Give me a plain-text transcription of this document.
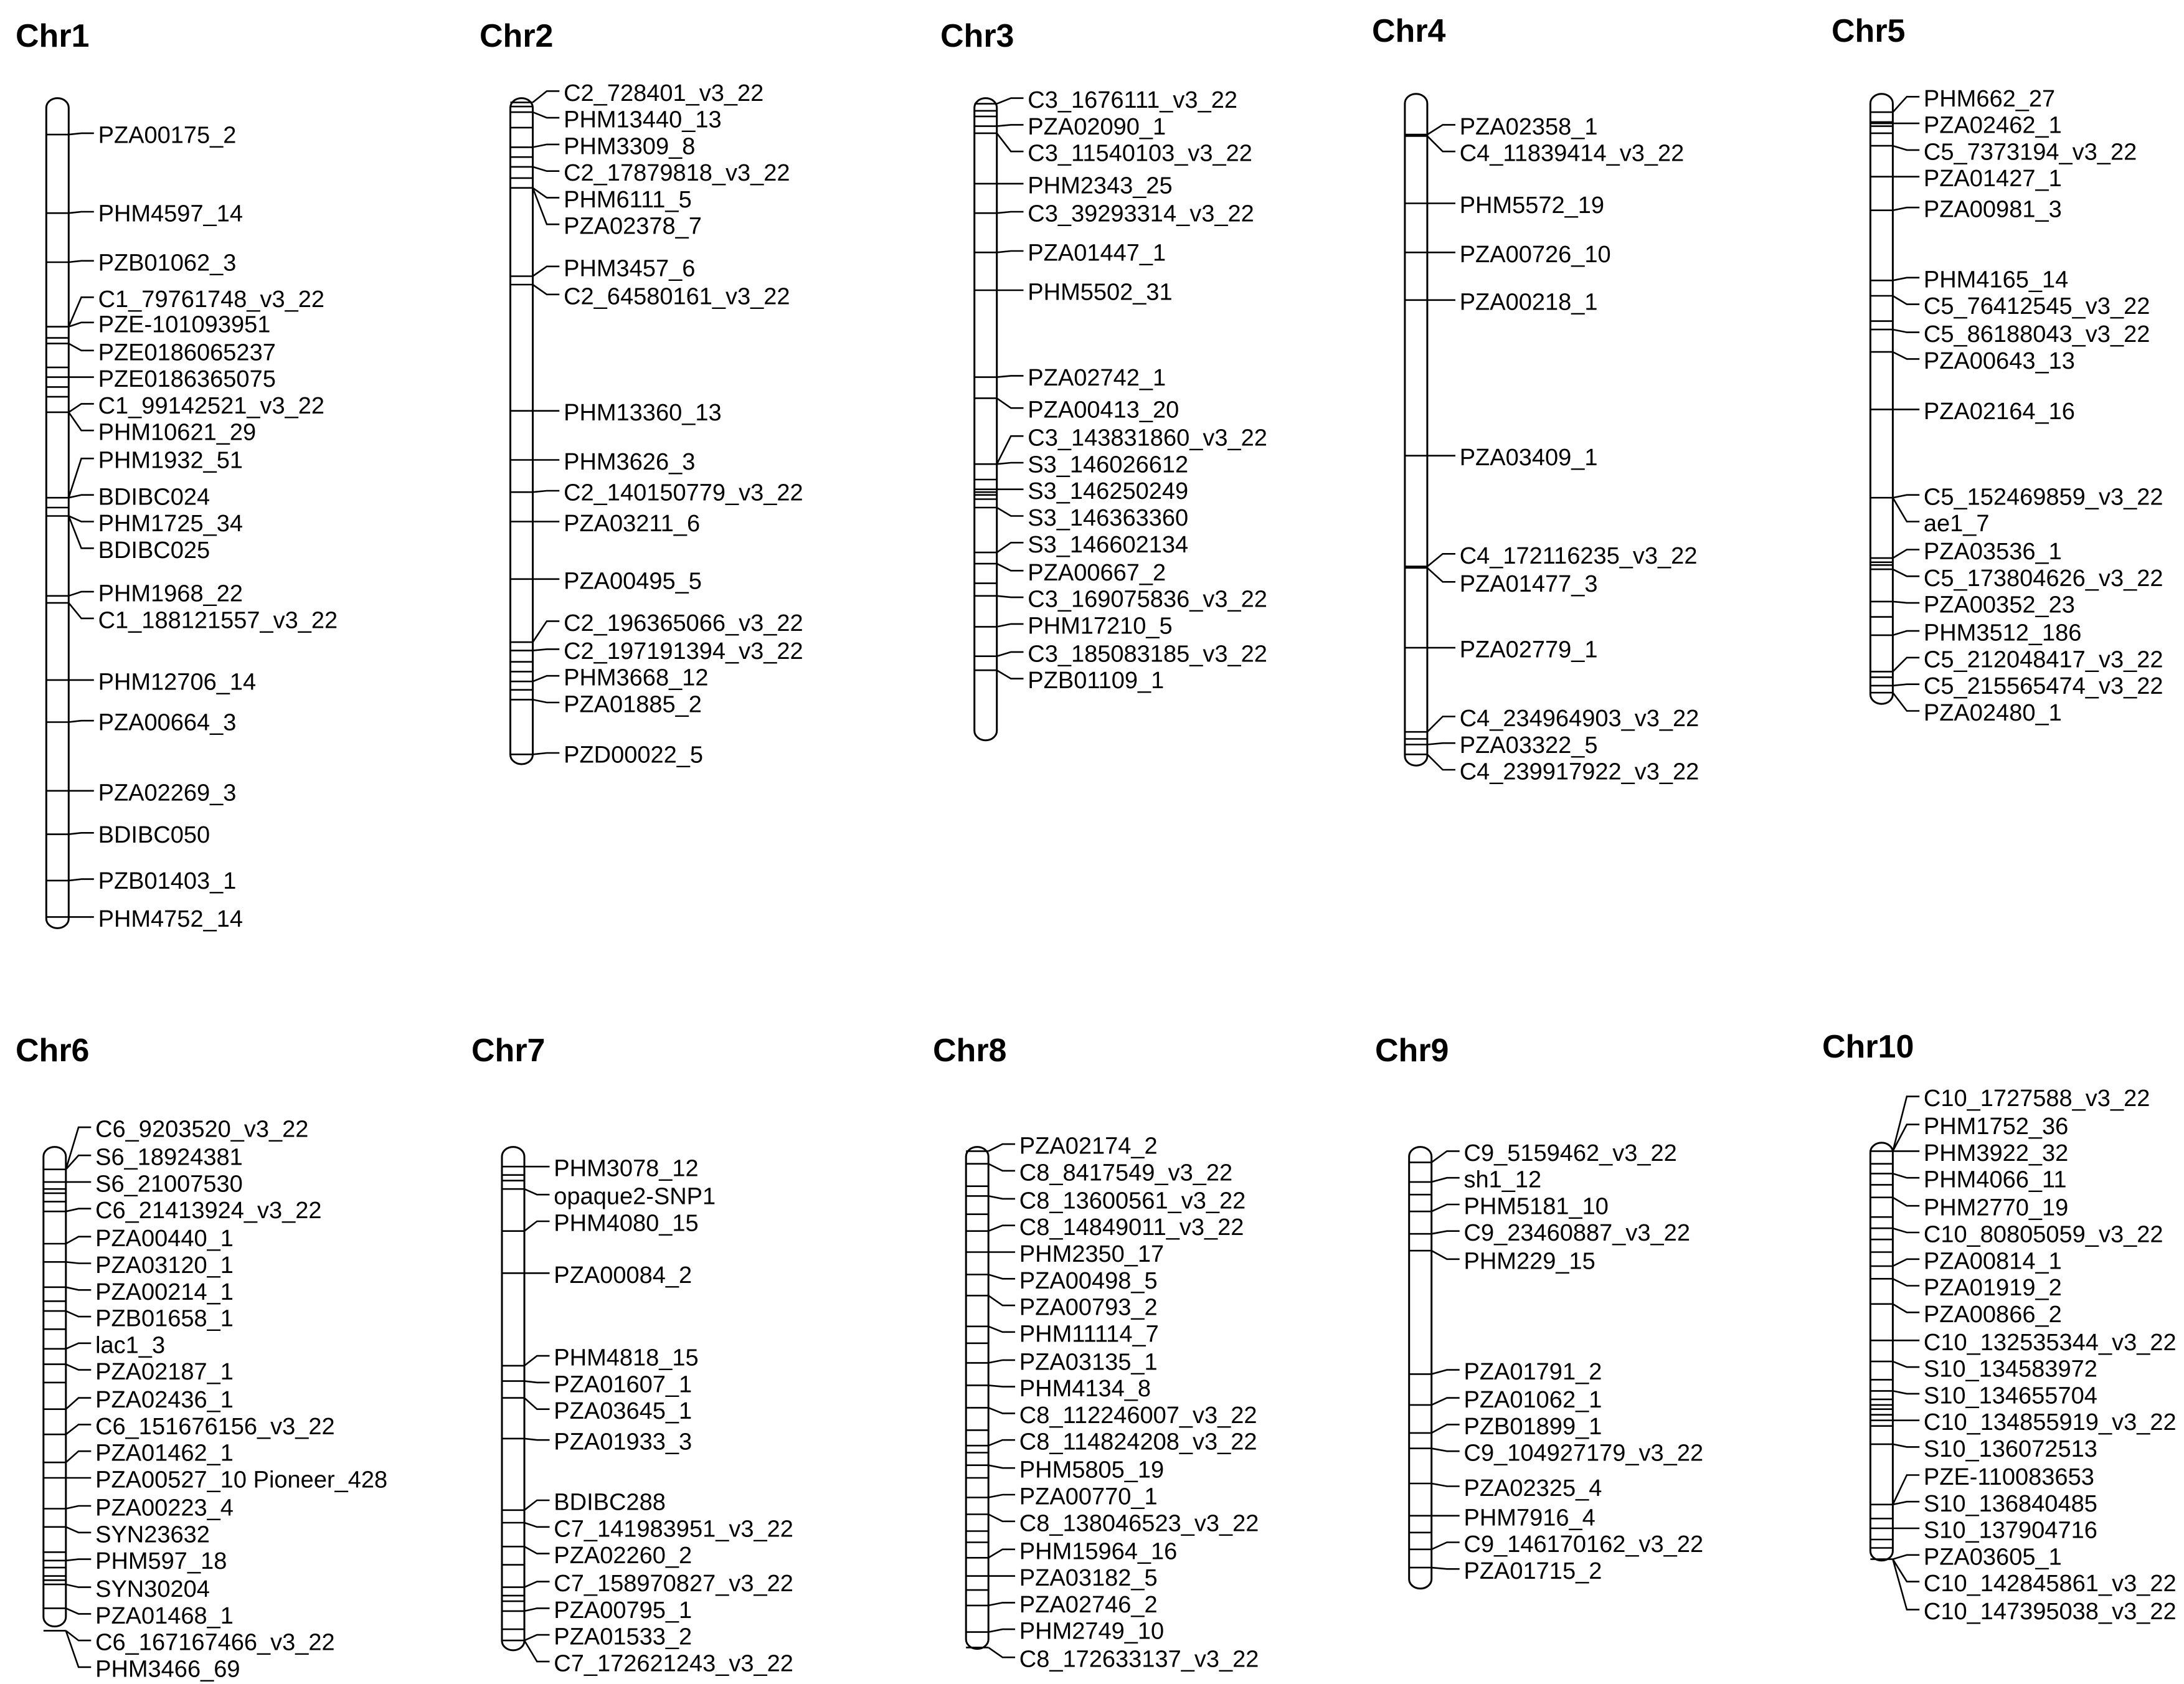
Chr1
PZA00175_2
PHM4597_14
PZB01062_3
C1_79761748_v3_22
PZE-101093951
PZE0186065237
PZE0186365075
C1_99142521_v3_22
PHM10621_29
PHM1932_51
BDIBC024
PHM1725_34
BDIBC025
PHM1968_22
C1_188121557_v3_22
PHM12706_14
PZA00664_3
PZA02269_3
BDIBC050
PZB01403_1
PHM4752_14
Chr2
C2_728401_v3_22
PHM13440_13
PHM3309_8
C2_17879818_v3_22
PHM6111_5
PZA02378_7
PHM3457_6
C2_64580161_v3_22
PHM13360_13
PHM3626_3
C2_140150779_v3_22
PZA03211_6
PZA00495_5
C2_196365066_v3_22
C2_197191394_v3_22
PHM3668_12
PZA01885_2
PZD00022_5
Chr3
C3_1676111_v3_22
PZA02090_1
C3_11540103_v3_22
PHM2343_25
C3_39293314_v3_22
PZA01447_1
PHM5502_31
PZA02742_1
PZA00413_20
C3_143831860_v3_22
S3_146026612
S3_146250249
S3_146363360
S3_146602134
PZA00667_2
C3_169075836_v3_22
PHM17210_5
C3_185083185_v3_22
PZB01109_1
Chr4
PZA02358_1
C4_11839414_v3_22
PHM5572_19
PZA00726_10
PZA00218_1
PZA03409_1
C4_172116235_v3_22
PZA01477_3
PZA02779_1
C4_234964903_v3_22
PZA03322_5
C4_239917922_v3_22
Chr5
PHM662_27
PZA02462_1
C5_7373194_v3_22
PZA01427_1
PZA00981_3
PHM4165_14
C5_76412545_v3_22
C5_86188043_v3_22
PZA00643_13
PZA02164_16
C5_152469859_v3_22
ae1_7
PZA03536_1
C5_173804626_v3_22
PZA00352_23
PHM3512_186
C5_212048417_v3_22
C5_215565474_v3_22
PZA02480_1
Chr6
C6_9203520_v3_22
S6_18924381
S6_21007530
C6_21413924_v3_22
PZA00440_1
PZA03120_1
PZA00214_1
PZB01658_1
lac1_3
PZA02187_1
PZA02436_1
C6_151676156_v3_22
PZA01462_1
PZA00527_10 Pioneer_428
PZA00223_4
SYN23632
PHM597_18
SYN30204
PZA01468_1
C6_167167466_v3_22
PHM3466_69
Chr7
PHM3078_12
opaque2-SNP1
PHM4080_15
PZA00084_2
PHM4818_15
PZA01607_1
PZA03645_1
PZA01933_3
BDIBC288
C7_141983951_v3_22
PZA02260_2
C7_158970827_v3_22
PZA00795_1
PZA01533_2
C7_172621243_v3_22
Chr8
PZA02174_2
C8_8417549_v3_22
C8_13600561_v3_22
C8_14849011_v3_22
PHM2350_17
PZA00498_5
PZA00793_2
PHM11114_7
PZA03135_1
PHM4134_8
C8_112246007_v3_22
C8_114824208_v3_22
PHM5805_19
PZA00770_1
C8_138046523_v3_22
PHM15964_16
PZA03182_5
PZA02746_2
PHM2749_10
C8_172633137_v3_22
Chr9
C9_5159462_v3_22
sh1_12
PHM5181_10
C9_23460887_v3_22
PHM229_15
PZA01791_2
PZA01062_1
PZB01899_1
C9_104927179_v3_22
PZA02325_4
PHM7916_4
C9_146170162_v3_22
PZA01715_2
Chr10
C10_1727588_v3_22
PHM1752_36
PHM3922_32
PHM4066_11
PHM2770_19
C10_80805059_v3_22
PZA00814_1
PZA01919_2
PZA00866_2
C10_132535344_v3_22
S10_134583972
S10_134655704
C10_134855919_v3_22
S10_136072513
PZE-110083653
S10_136840485
S10_137904716
PZA03605_1
C10_142845861_v3_22
C10_147395038_v3_22
